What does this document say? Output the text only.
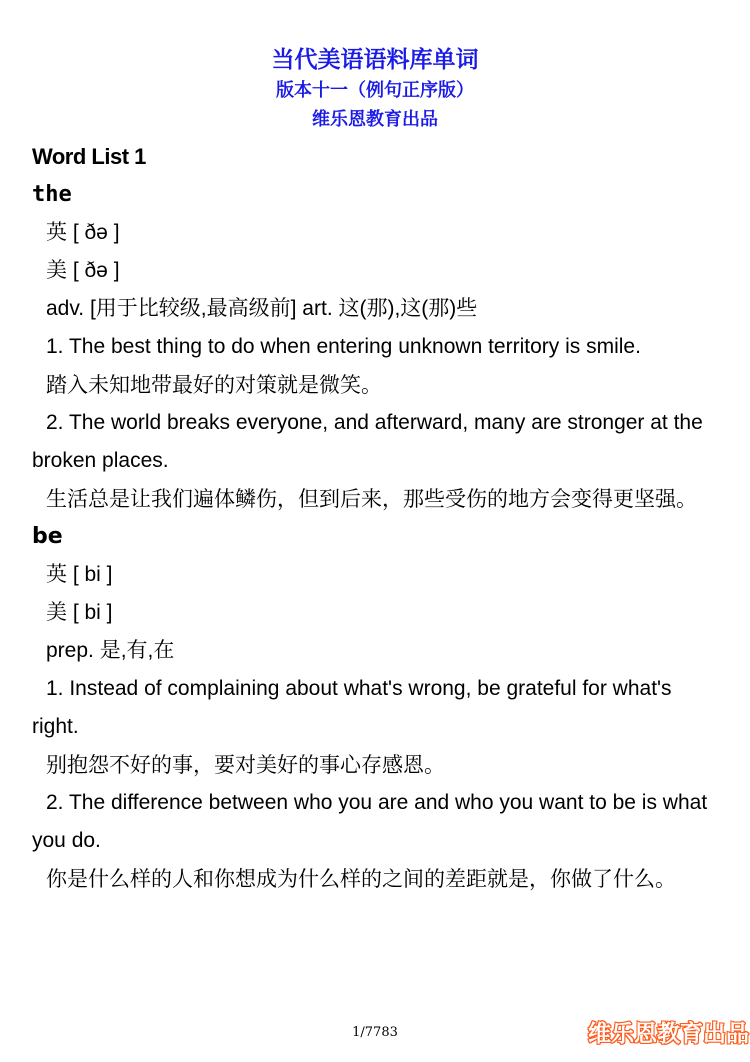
当代美语语料库单词
版本十一（例句正序版）
维乐恩教育出品
Word List 1
the
英 [ ðə ]
美 [ ðə ]
adv. [用于比较级,最高级前] art. 这(那),这(那)些
1. The best thing to do when entering unknown territory is smile.
踏入未知地带最好的对策就是微笑。
2. The world breaks everyone, and afterward, many are stronger at the broken places.
生活总是让我们遍体鳞伤，但到后来，那些受伤的地方会变得更坚强。
be
英 [ bi ]
美 [ bi ]
prep. 是,有,在
1. Instead of complaining about what's wrong, be grateful for what's right.
别抱怨不好的事，要对美好的事心存感恩。
2. The difference between who you are and who you want to be is what you do.
你是什么样的人和你想成为什么样的之间的差距就是，你做了什么。
1/7783	维乐恩教育出品
